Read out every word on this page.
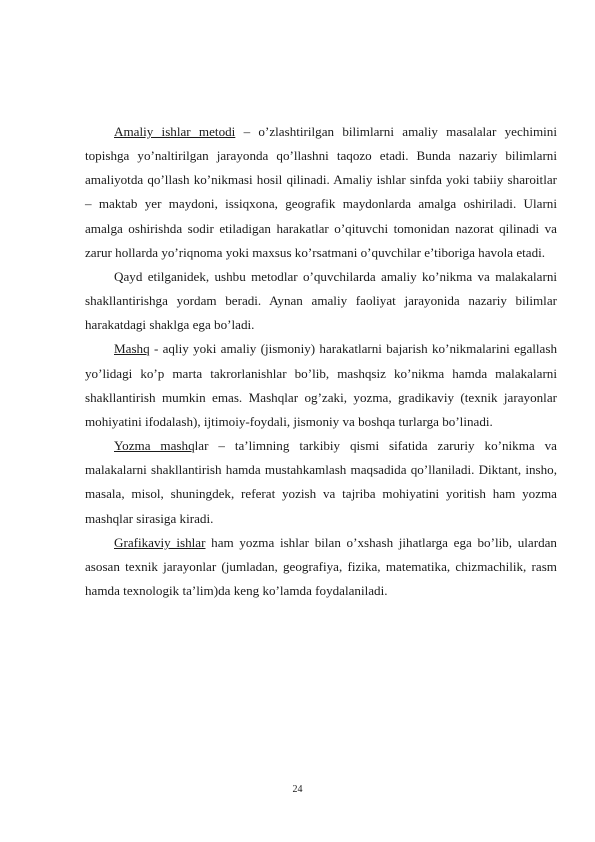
Amaliy ishlar metodi – o’zlashtirilgan bilimlarni amaliy masalalar yechimini topishga yo’naltirilgan jarayonda qo’llashni taqozo etadi. Bunda nazariy bilimlarni amaliyotda qo’llash ko’nikmasi hosil qilinadi. Amaliy ishlar sinfda yoki tabiiy sharoitlar – maktab yer maydoni, issiqxona, geografik maydonlarda amalga oshiriladi. Ularni amalga oshirishda sodir etiladigan harakatlar o’qituvchi tomonidan nazorat qilinadi va zarur hollarda yo’riqnoma yoki maxsus ko’rsatmani o’quvchilar e’tiboriga havola etadi.

Qayd etilganidek, ushbu metodlar o’quvchilarda amaliy ko’nikma va malakalarni shakllantirishga yordam beradi. Aynan amaliy faoliyat jarayonida nazariy bilimlar harakatdagi shaklga ega bo’ladi.

Mashq - aqliy yoki amaliy (jismoniy) harakatlarni bajarish ko’nikmalarini egallash yo’lidagi ko’p marta takrorlanishlar bo’lib, mashqsiz ko’nikma hamda malakalarni shakllantirish mumkin emas. Mashqlar og’zaki, yozma, gradikaviy (texnik jarayonlar mohiyatini ifodalash), ijtimoiy-foydali, jismoniy va boshqa turlarga bo’linadi.

Yozma mashqlar – ta’limning tarkibiy qismi sifatida zaruriy ko’nikma va malakalarni shakllantirish hamda mustahkamlash maqsadida qo’llaniladi. Diktant, insho, masala, misol, shuningdek, referat yozish va tajriba mohiyatini yoritish ham yozma mashqlar sirasiga kiradi.

Grafikaviy ishlar ham yozma ishlar bilan o’xshash jihatlarga ega bo’lib, ulardan asosan texnik jarayonlar (jumladan, geografiya, fizika, matematika, chizmachilik, rasm hamda texnologik ta’lim)da keng ko’lamda foydalaniladi.

24
